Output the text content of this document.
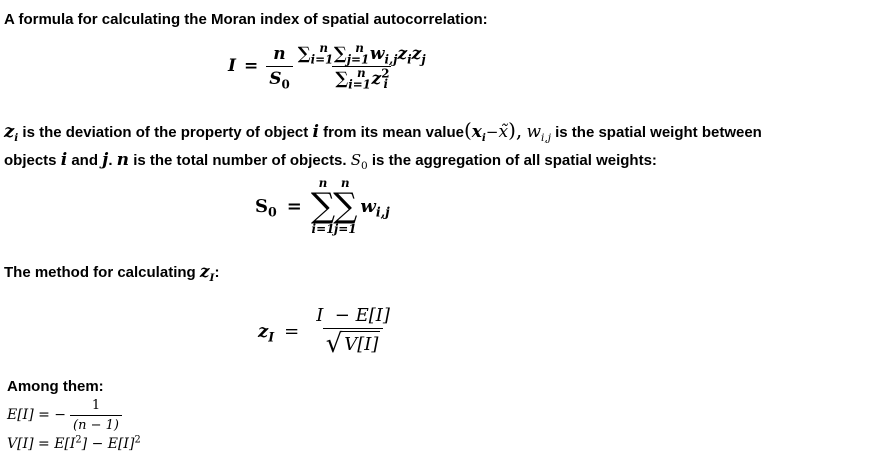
A formula for calculating the Moran index of spatial autocorrelation:
$I = \frac{n}{S_0} \frac{\sum_{i=1}^n \sum_{j=1}^n w_{i,j}z_iz_j}{\sum_{i=1}^n z^2_i}$
$z_i$ is the deviation of the property of object i from its mean $value(x_i-x̃)$, $w_{i,j}$ is the spatial weight between
objects i and j. n is the total number of objects. $S_0$ is the aggregation of all spatial weights:
$S_0$ =
n
∑
i=1
n
∑
j=1
$w_{i,j}$
The method for calculating $z_I$:
$z_I = \frac{I - E[I]}{√ V[I]}$
Among them:
E[I] = − $\frac{1}{(n - 1)}$
$V[I] = E[I^2] - E[I]^2$
